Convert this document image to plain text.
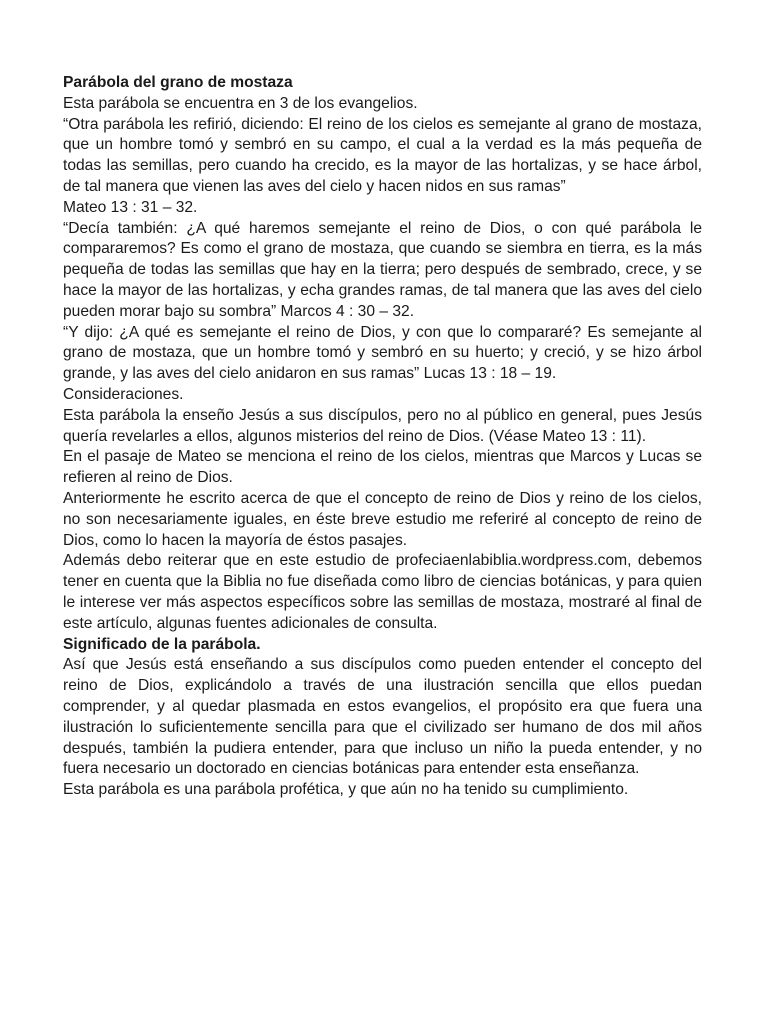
Parábola del grano de mostaza

Esta parábola se encuentra en 3 de los evangelios.

“Otra parábola les refirió, diciendo: El reino de los cielos es semejante al grano de mostaza, que un hombre tomó y sembró en su campo, el cual a la verdad es la más pequeña de todas las semillas, pero cuando ha crecido, es la mayor de las hortalizas, y se hace árbol, de tal manera que vienen las aves del cielo y hacen nidos en sus ramas”

Mateo 13 : 31 – 32.

“Decía también: ¿A qué haremos semejante el reino de Dios, o con qué parábola le compararemos? Es como el grano de mostaza, que cuando se siembra en tierra, es la más pequeña de todas las semillas que hay en la tierra; pero después de sembrado, crece, y se hace la mayor de las hortalizas, y echa grandes ramas, de tal manera que las aves del cielo pueden morar bajo su sombra” Marcos 4 : 30 – 32.

“Y dijo: ¿A qué es semejante el reino de Dios, y con que lo compararé? Es semejante al grano de mostaza, que un hombre tomó y sembró en su huerto; y creció, y se hizo árbol grande, y las aves del cielo anidaron en sus ramas” Lucas 13 : 18 – 19.

Consideraciones.

Esta parábola la enseño Jesús a sus discípulos, pero no al público en general, pues Jesús quería revelarles a ellos, algunos misterios del reino de Dios. (Véase Mateo 13 : 11).

En el pasaje de Mateo se menciona el reino de los cielos, mientras que Marcos y Lucas se refieren al reino de Dios.

Anteriormente he escrito acerca de que el concepto de reino de Dios y reino de los cielos, no son necesariamente iguales, en éste breve estudio me referiré al concepto de reino de Dios, como lo hacen la mayoría de éstos pasajes.

Además debo reiterar que en este estudio de profeciaenlabiblia.wordpress.com, debemos tener en cuenta que la Biblia no fue diseñada como libro de ciencias botánicas, y para quien le interese ver más aspectos específicos sobre las semillas de mostaza, mostraré al final de este artículo, algunas fuentes adicionales de consulta.

Significado de la parábola.

Así que Jesús está enseñando a sus discípulos como pueden entender el concepto del reino de Dios, explicándolo a través de una ilustración sencilla que ellos puedan comprender, y al quedar plasmada en estos evangelios, el propósito era que fuera una ilustración lo suficientemente sencilla para que el civilizado ser humano de dos mil años después, también la pudiera entender, para que incluso un niño la pueda entender, y no fuera necesario un doctorado en ciencias botánicas para entender esta enseñanza.

Esta parábola es una parábola profética, y que aún no ha tenido su cumplimiento.
